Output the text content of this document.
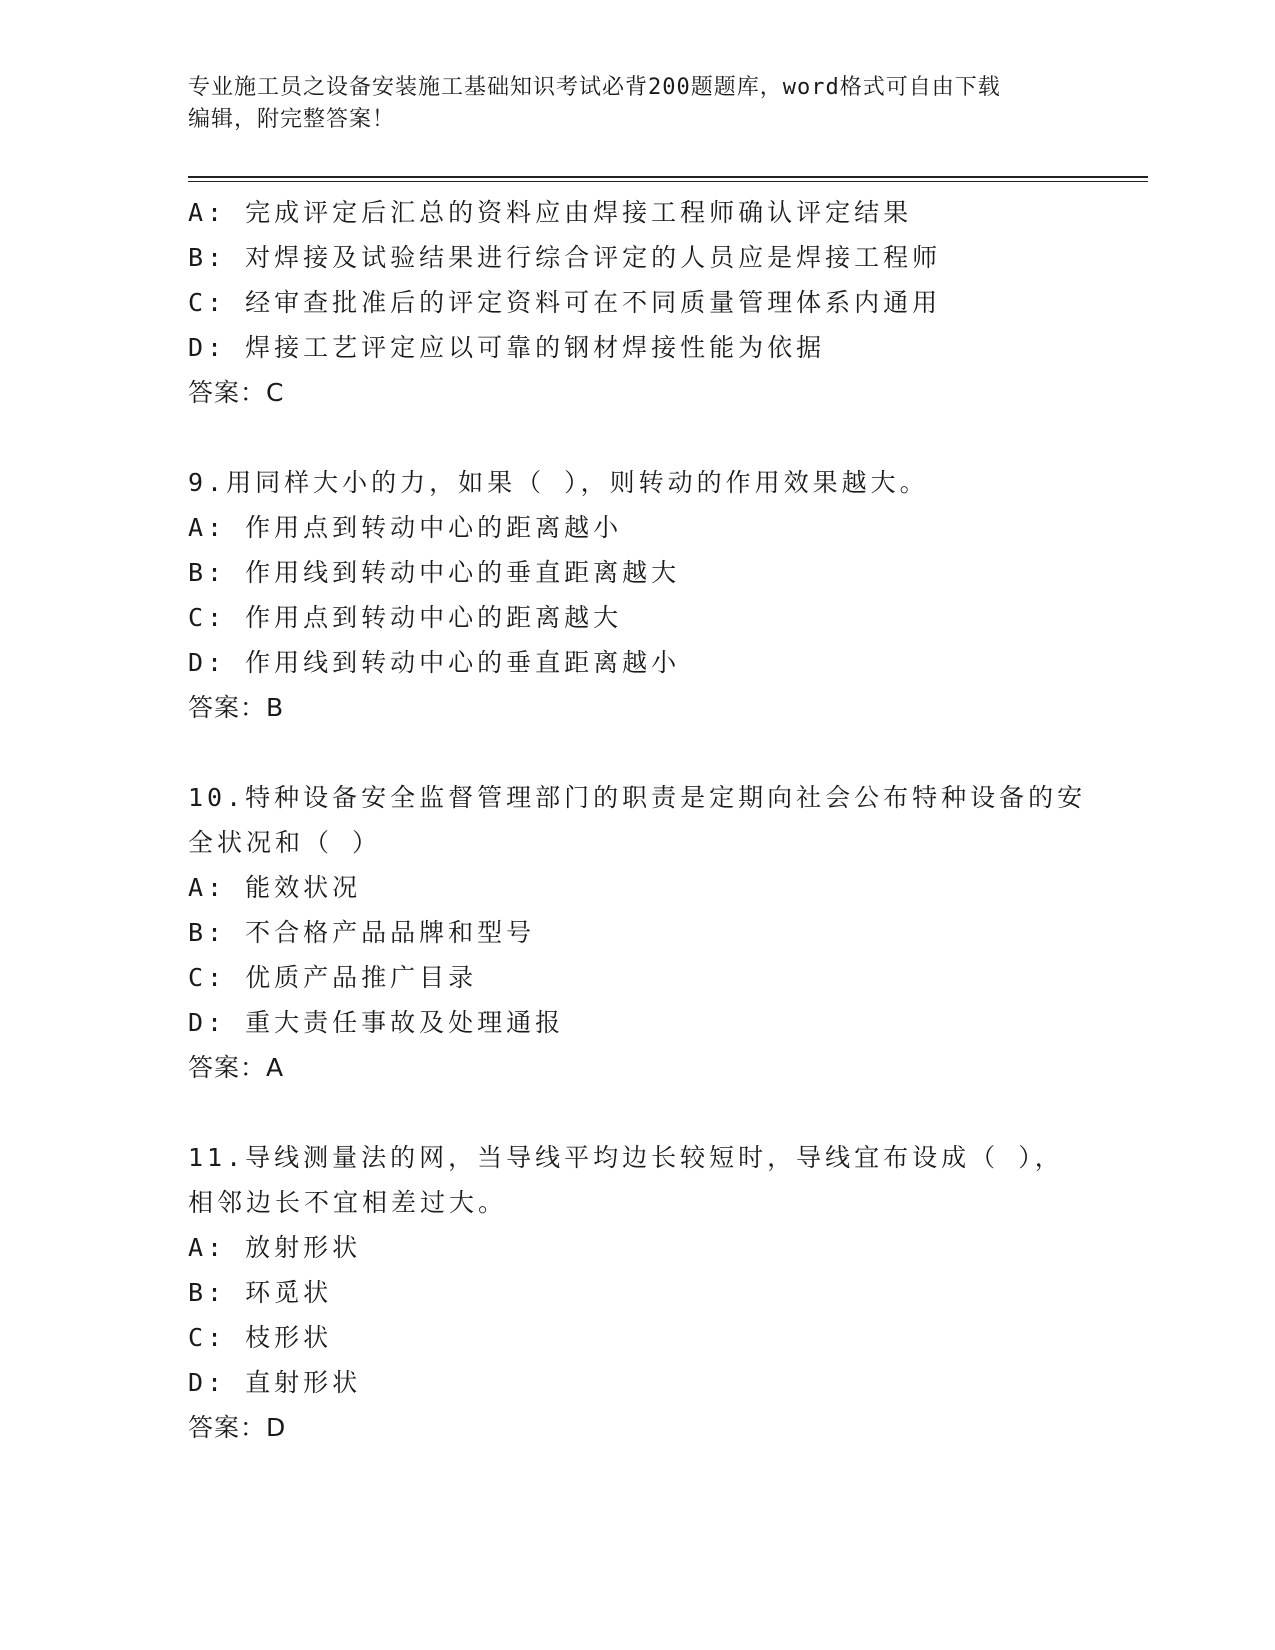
专业施工员之设备安装施工基础知识考试必背200题题库，word格式可自由下载
编辑，附完整答案！
A: 完成评定后汇总的资料应由焊接工程师确认评定结果
B: 对焊接及试验结果进行综合评定的人员应是焊接工程师
C: 经审查批准后的评定资料可在不同质量管理体系内通用
D: 焊接工艺评定应以可靠的钢材焊接性能为依据
答案：C
9.用同样大小的力，如果（ ），则转动的作用效果越大。
A: 作用点到转动中心的距离越小
B: 作用线到转动中心的垂直距离越大
C: 作用点到转动中心的距离越大
D: 作用线到转动中心的垂直距离越小
答案：B
10.特种设备安全监督管理部门的职责是定期向社会公布特种设备的安
全状况和（ ）
A: 能效状况
B: 不合格产品品牌和型号
C: 优质产品推广目录
D: 重大责任事故及处理通报
答案：A
11.导线测量法的网，当导线平均边长较短时，导线宜布设成（ ），
相邻边长不宜相差过大。
A: 放射形状
B: 环觅状
C: 枝形状
D: 直射形状
答案：D
